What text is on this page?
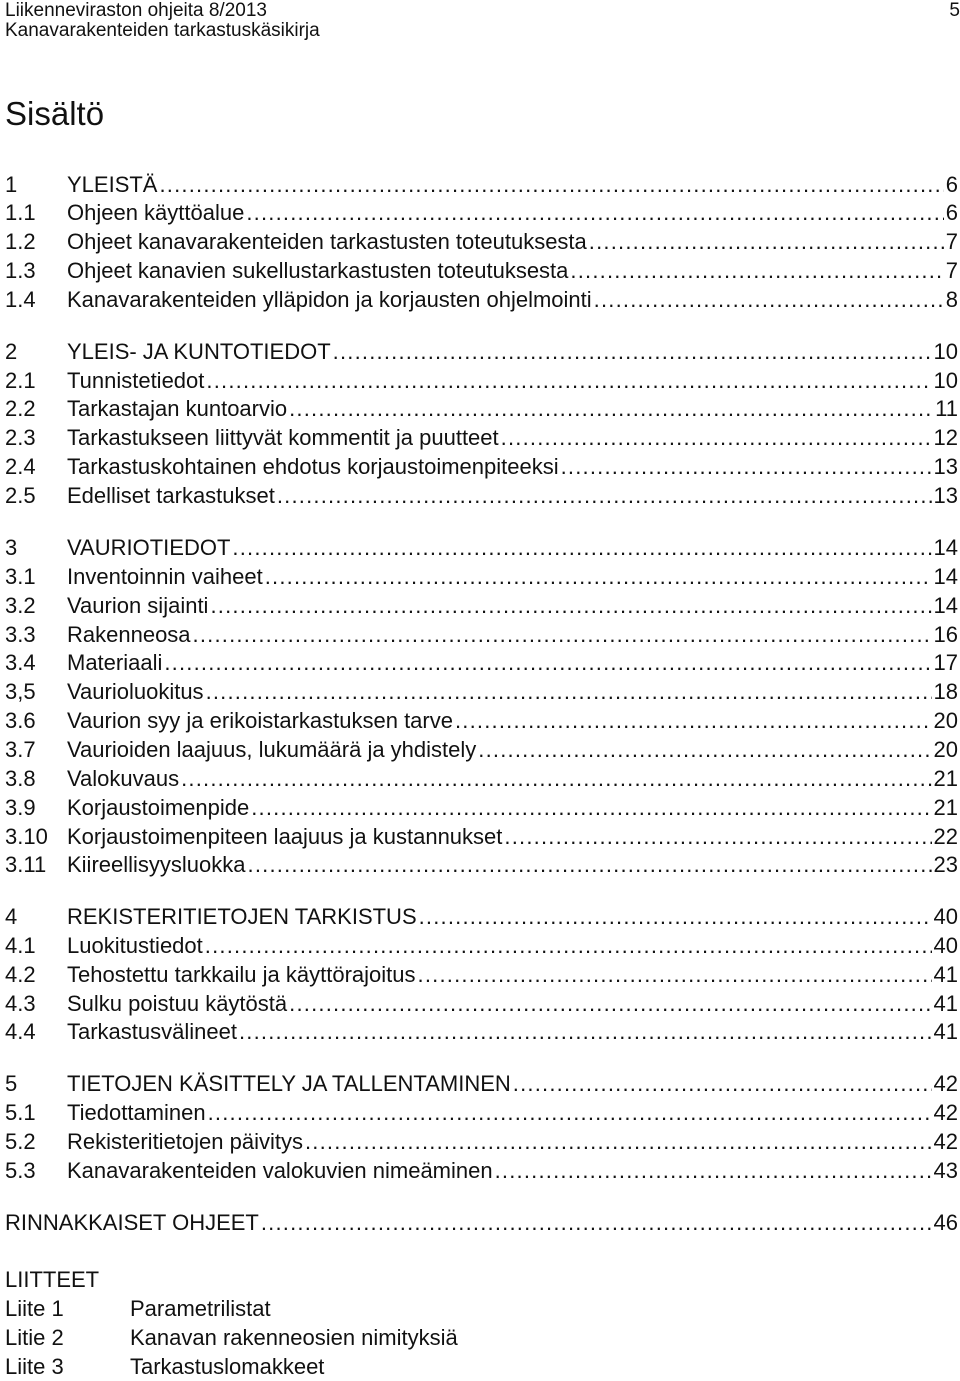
Liikenneviraston ohjeita 8/2013
Kanavarakenteiden tarkastuskäsikirja
5
Sisältö
1 YLEISTÄ .....	6
1.1 Ohjeen käyttöalue .....	6
1.2 Ohjeet kanavarakenteiden tarkastusten toteutuksesta .....	7
1.3 Ohjeet kanavien sukellustarkastusten toteutuksesta .....	7
1.4 Kanavarakenteiden ylläpidon ja korjausten ohjelmointi .....	8
2 YLEIS- JA KUNTOTIEDOT .....	10
2.1 Tunnistetiedot .....	10
2.2 Tarkastajan kuntoarvio .....	11
2.3 Tarkastukseen liittyvät kommentit ja puutteet .....	12
2.4 Tarkastuskohtainen ehdotus korjaustoimenpiteeksi .....	13
2.5 Edelliset tarkastukset .....	13
3 VAURIOTIEDOT .....	14
3.1 Inventoinnin vaiheet .....	14
3.2 Vaurion sijainti .....	14
3.3 Rakenneosa .....	16
3.4 Materiaali .....	17
3,5 Vaurioluokitus .....	18
3.6 Vaurion syy ja erikoistarkastuksen tarve .....	20
3.7 Vaurioiden laajuus, lukumäärä ja yhdistely .....	20
3.8 Valokuvaus .....	21
3.9 Korjaustoimenpide .....	21
3.10 Korjaustoimenpiteen laajuus ja kustannukset .....	22
3.11 Kiireellisyysluokka .....	23
4 REKISTERITIETOJEN TARKISTUS .....	40
4.1 Luokitustiedot .....	40
4.2 Tehostettu tarkkailu ja käyttörajoitus .....	41
4.3 Sulku poistuu käytöstä .....	41
4.4 Tarkastusvälineet .....	41
5 TIETOJEN KÄSITTELY JA TALLENTAMINEN .....	42
5.1 Tiedottaminen .....	42
5.2 Rekisteritietojen päivitys .....	42
5.3 Kanavarakenteiden valokuvien nimeäminen .....	43
RINNAKKAISET OHJEET .....	46
LIITTEET
Liite 1	Parametrilistat
Litie 2	Kanavan rakenneosien nimityksiä
Liite 3	Tarkastuslomakkeet
